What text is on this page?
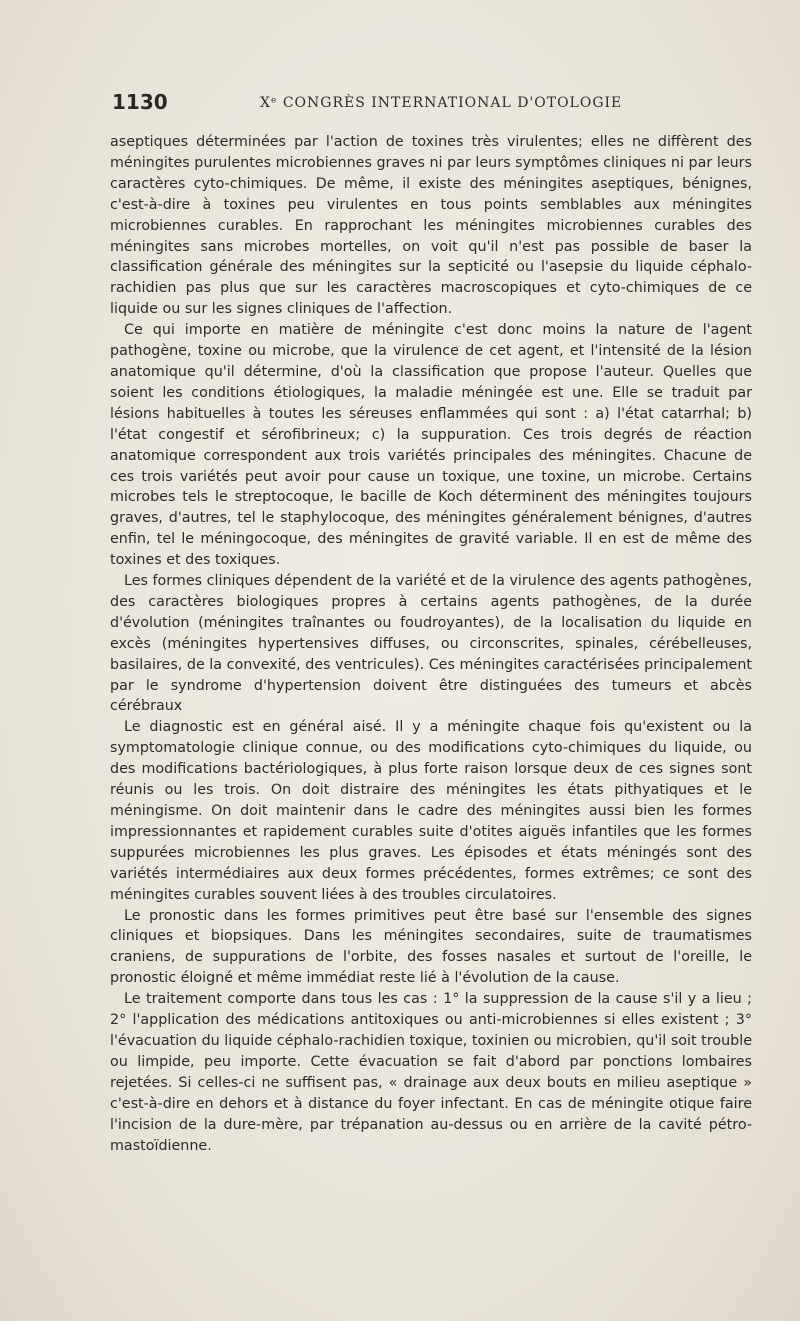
1130	Xᵉ CONGRÈS INTERNATIONAL D'OTOLOGIE

aseptiques déterminées par l'action de toxines très virulentes; elles ne diffèrent des méningites purulentes microbiennes graves ni par leurs symptômes cliniques ni par leurs caractères cyto-chimiques. De même, il existe des méningites aseptiques, bénignes, c'est-à-dire à toxines peu virulentes en tous points semblables aux méningites microbiennes curables. En rapprochant les méningites microbiennes curables des méningites sans microbes mortelles, on voit qu'il n'est pas possible de baser la classification générale des méningites sur la septicité ou l'asepsie du liquide céphalo-rachidien pas plus que sur les caractères macroscopiques et cyto-chimiques de ce liquide ou sur les signes cliniques de l'affection.

Ce qui importe en matière de méningite c'est donc moins la nature de l'agent pathogène, toxine ou microbe, que la virulence de cet agent, et l'intensité de la lésion anatomique qu'il détermine, d'où la classification que propose l'auteur. Quelles que soient les conditions étiologiques, la maladie méningée est une. Elle se traduit par lésions habituelles à toutes les séreuses enflammées qui sont : a) l'état catarrhal; b) l'état congestif et sérofibrineux; c) la suppuration. Ces trois degrés de réaction anatomique correspondent aux trois variétés principales des méningites. Chacune de ces trois variétés peut avoir pour cause un toxique, une toxine, un microbe. Certains microbes tels le streptocoque, le bacille de Koch déterminent des méningites toujours graves, d'autres, tel le staphylocoque, des méningites généralement bénignes, d'autres enfin, tel le méningocoque, des méningites de gravité variable. Il en est de même des toxines et des toxiques.

Les formes cliniques dépendent de la variété et de la virulence des agents pathogènes, des caractères biologiques propres à certains agents pathogènes, de la durée d'évolution (méningites traînantes ou foudroyantes), de la localisation du liquide en excès (méningites hypertensives diffuses, ou circonscrites, spinales, cérébelleuses, basilaires, de la convexité, des ventricules). Ces méningites caractérisées principalement par le syndrome d'hypertension doivent être distinguées des tumeurs et abcès cérébraux

Le diagnostic est en général aisé. Il y a méningite chaque fois qu'existent ou la symptomatologie clinique connue, ou des modifications cyto-chimiques du liquide, ou des modifications bactériologiques, à plus forte raison lorsque deux de ces signes sont réunis ou les trois. On doit distraire des méningites les états pithyatiques et le méningisme. On doit maintenir dans le cadre des méningites aussi bien les formes impressionnantes et rapidement curables suite d'otites aiguës infantiles que les formes suppurées microbiennes les plus graves. Les épisodes et états méningés sont des variétés intermédiaires aux deux formes précédentes, formes extrêmes; ce sont des méningites curables souvent liées à des troubles circulatoires.

Le pronostic dans les formes primitives peut être basé sur l'ensemble des signes cliniques et biopsiques. Dans les méningites secondaires, suite de traumatismes craniens, de suppurations de l'orbite, des fosses nasales et surtout de l'oreille, le pronostic éloigné et même immédiat reste lié à l'évolution de la cause.

Le traitement comporte dans tous les cas : 1° la suppression de la cause s'il y a lieu ; 2° l'application des médications antitoxiques ou anti-microbiennes si elles existent ; 3° l'évacuation du liquide céphalo-rachidien toxique, toxinien ou microbien, qu'il soit trouble ou limpide, peu importe. Cette évacuation se fait d'abord par ponctions lombaires rejetées. Si celles-ci ne suffisent pas, « drainage aux deux bouts en milieu aseptique » c'est-à-dire en dehors et à distance du foyer infectant. En cas de méningite otique faire l'incision de la dure-mère, par trépanation au-dessus ou en arrière de la cavité pétro-mastoïdienne.
